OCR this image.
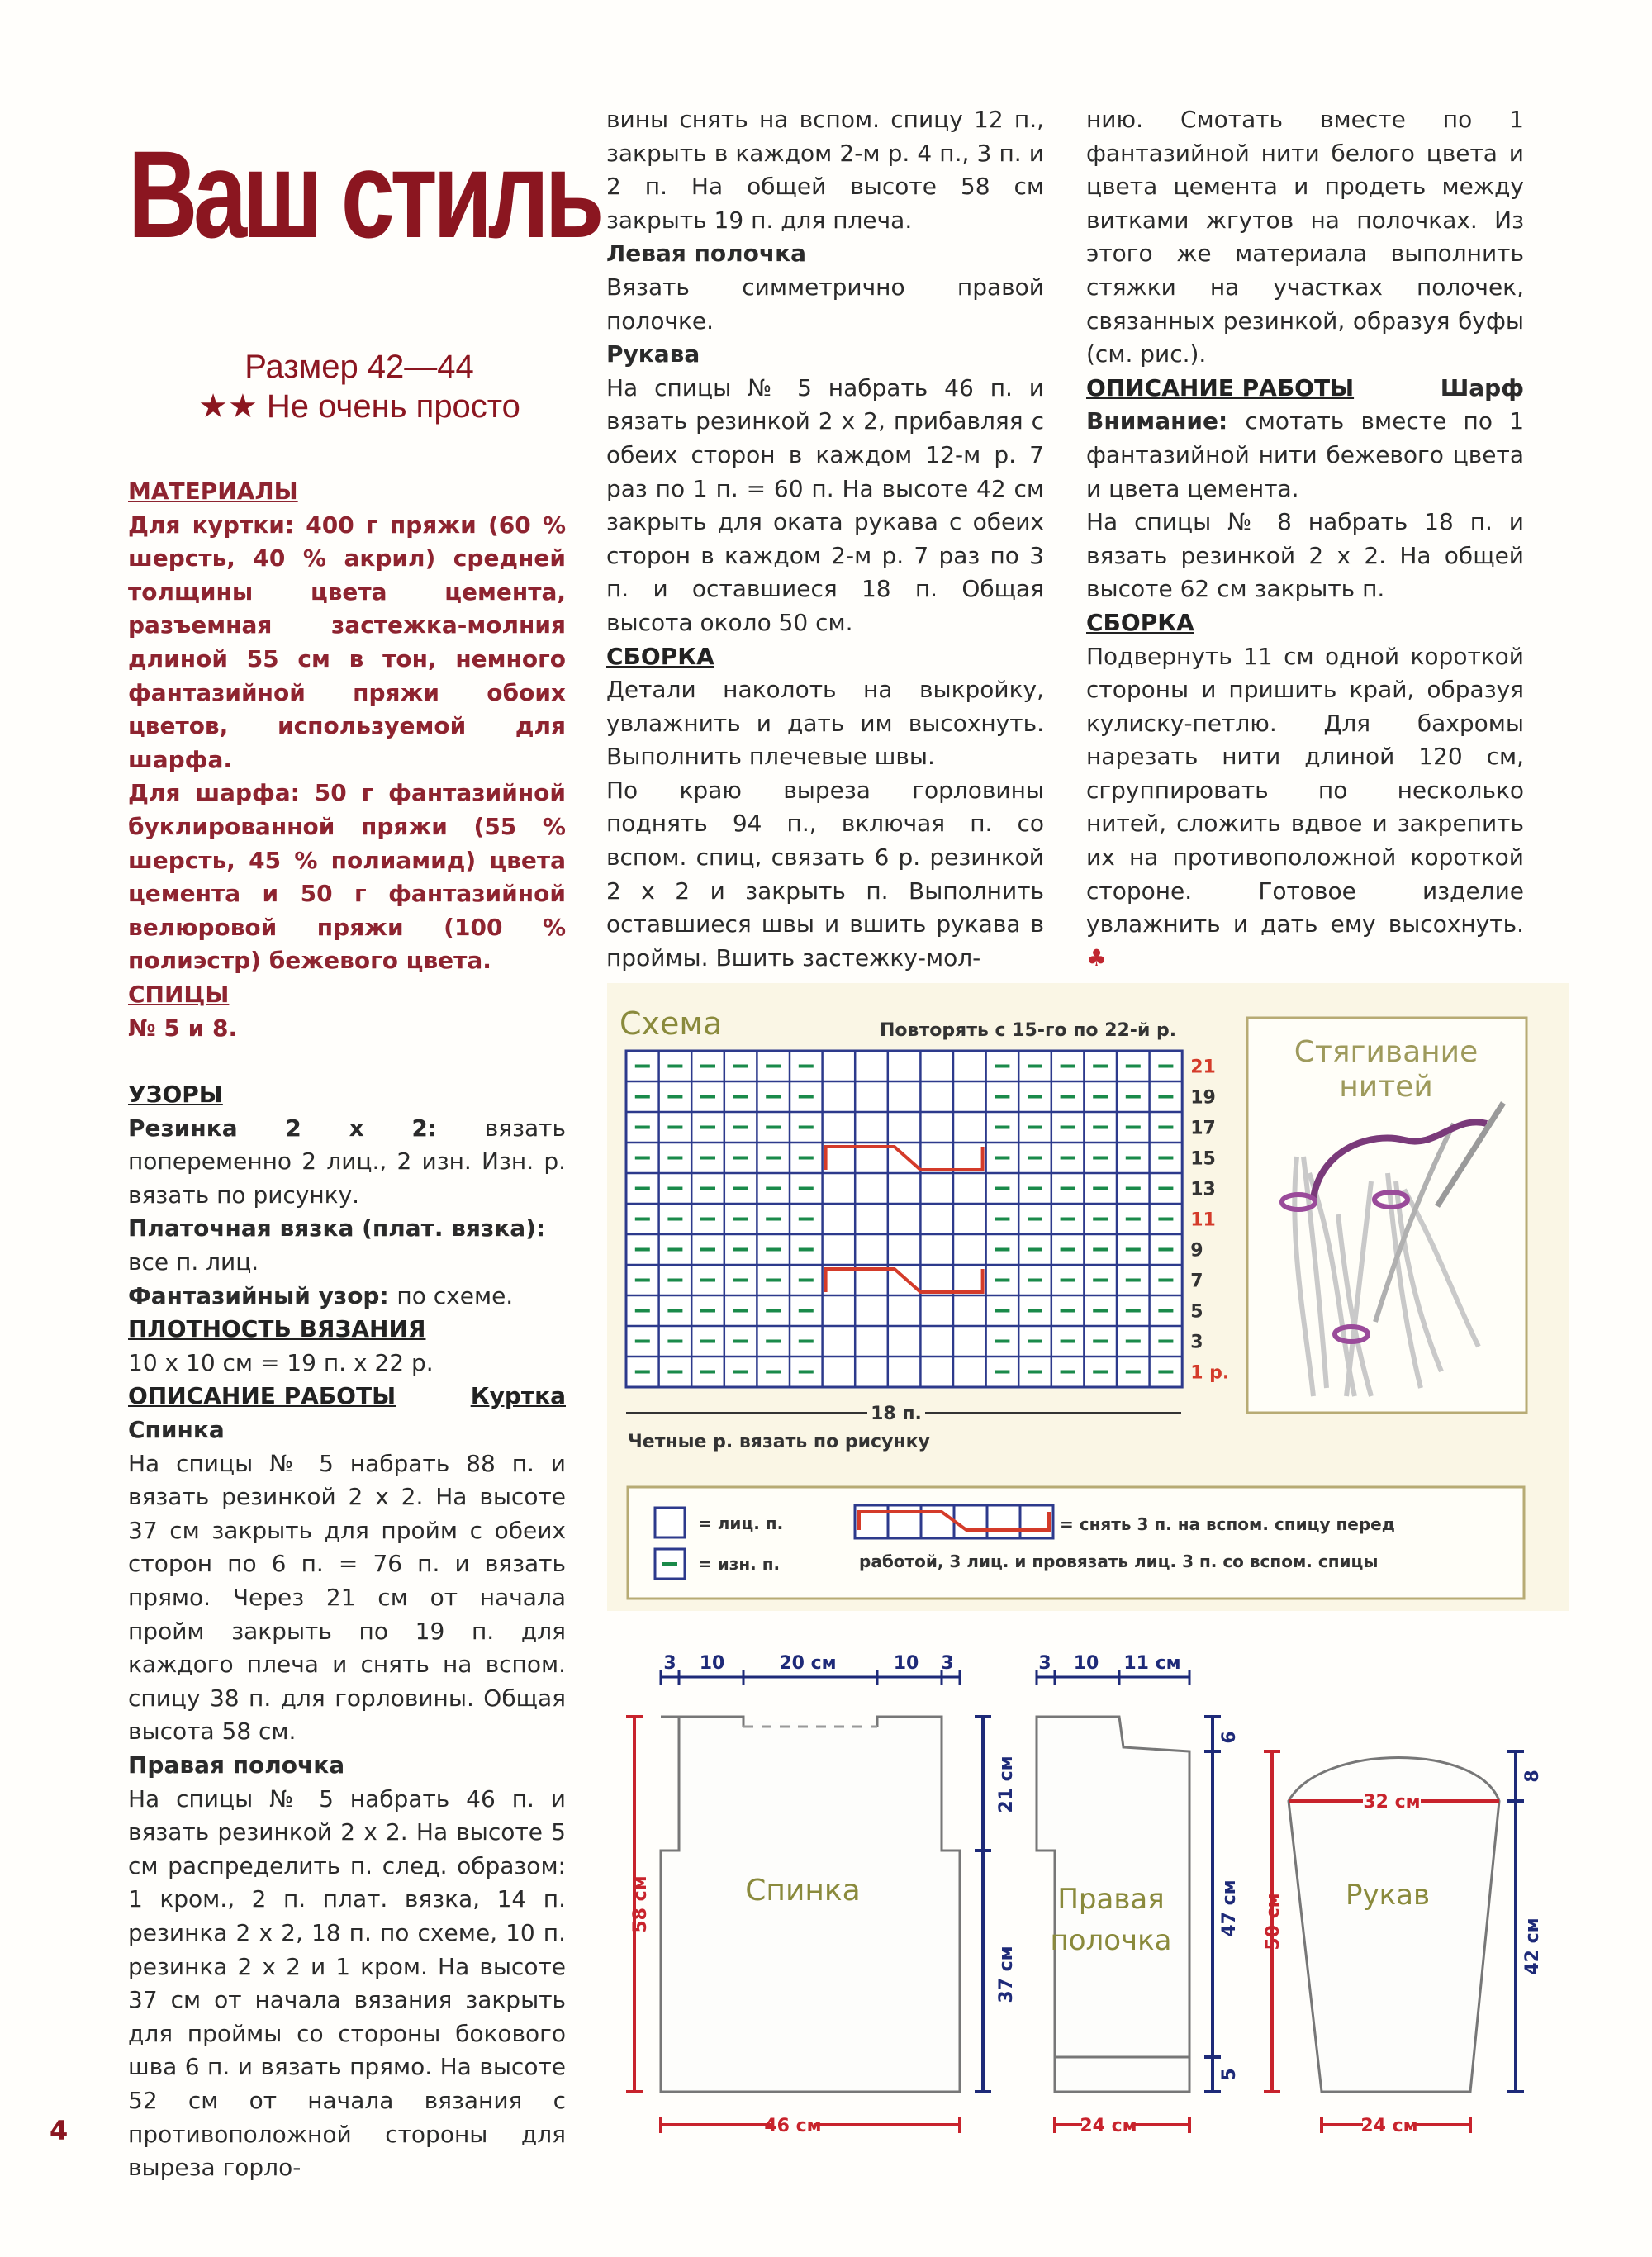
Ваш стиль
Размер 42—44
★★ Не очень просто

МАТЕРИАЛЫ

Для куртки: 400 г пряжи (60 % шерсть, 40 % акрил) средней толщины цвета цемента, разъемная застежка-молния длиной 55 см в тон, немного фантазийной пряжи обоих цветов, используемой для шарфа.

Для шарфа: 50 г фантазийной буклированной пряжи (55 % шерсть, 45 % полиамид) цвета цемента и 50 г фантазийной велюровой пряжи (100 % полиэстр) бежевого цвета.

СПИЦЫ

№ 5 и 8.

УЗОРЫ

Резинка 2 х 2: вязать попеременно 2 лиц., 2 изн. Изн. р. вязать по рисунку.

Платочная вязка (плат. вязка): все п. лиц.

Фантазийный узор: по схеме.

ПЛОТНОСТЬ ВЯЗАНИЯ

10 х 10 см = 19 п. х 22 р.

ОПИСАНИЕ РАБОТЫ	Куртка

Спинка

На спицы № 5 набрать 88 п. и вязать резинкой 2 х 2. На высоте 37 см закрыть для пройм с обеих сторон по 6 п. = 76 п. и вязать прямо. Через 21 см от начала пройм закрыть по 19 п. для каждого плеча и снять на вспом. спицу 38 п. для горловины. Общая высота 58 см.

Правая полочка

На спицы № 5 набрать 46 п. и вязать резинкой 2 х 2. На высоте 5 см распределить п. след. образом: 1 кром., 2 п. плат. вязка, 14 п. резинка 2 х 2, 18 п. по схеме, 10 п. резинка 2 х 2 и 1 кром. На высоте 37 см от начала вязания закрыть для проймы со стороны бокового шва 6 п. и вязать прямо. На высоте 52 см от начала вязания с противоположной стороны для выреза горло-

вины снять на вспом. спицу 12 п., закрыть в каждом 2-м р. 4 п., 3 п. и 2 п. На общей высоте 58 см закрыть 19 п. для плеча.

Левая полочка

Вязать симметрично правой полочке.

Рукава

На спицы № 5 набрать 46 п. и вязать резинкой 2 х 2, прибавляя с обеих сторон в каждом 12-м р. 7 раз по 1 п. = 60 п. На высоте 42 см закрыть для оката рукава с обеих сторон в каждом 2-м р. 7 раз по 3 п. и оставшиеся 18 п. Общая высота около 50 см.

СБОРКА

Детали наколоть на выкройку, увлажнить и дать им высохнуть. Выполнить плечевые швы.

По краю выреза горловины поднять 94 п., включая п. со вспом. спиц, связать 6 р. резинкой 2 х 2 и закрыть п. Выполнить оставшиеся швы и вшить рукава в проймы. Вшить застежку-мол-

нию. Смотать вместе по 1 фантазийной нити белого цвета и цвета цемента и продеть между витками жгутов на полочках. Из этого же материала выполнить стяжки на участках полочек, связанных резинкой, образуя буфы (см. рис.).

ОПИСАНИЕ РАБОТЫ	Шарф

Внимание: смотать вместе по 1 фантазийной нити бежевого цвета и цвета цемента.

На спицы № 8 набрать 18 п. и вязать резинкой 2 х 2. На общей высоте 62 см закрыть п.

СБОРКА

Подвернуть 11 см одной короткой стороны и пришить край, образуя кулиску-петлю. Для бахромы нарезать нити длиной 120 см, сгруппировать по несколько нитей, сложить вдвое и закрепить их на противоположной короткой стороне. Готовое изделие увлажнить и дать ему высохнуть. ♣

4
Схема	Повторять с 15-го по 22-й р.
21
19
17
15
13
11
9
7
5
3
1 р.
18 п.
Четные р. вязать по рисунку
Стягивание
нитей
= лиц. п.
= изн. п.
= снять 3 п. на вспом. спицу перед
работой, 3 лиц. и провязать лиц. 3 п. со вспом. спицы
3 10	20 см	10 3	3 10 11 см
Спинка
58 см
21 см
37 см
46 см
Правая
полочка
6
47 см
5
24 см
32 см
Рукав
50 см
8
42 см
24 см
